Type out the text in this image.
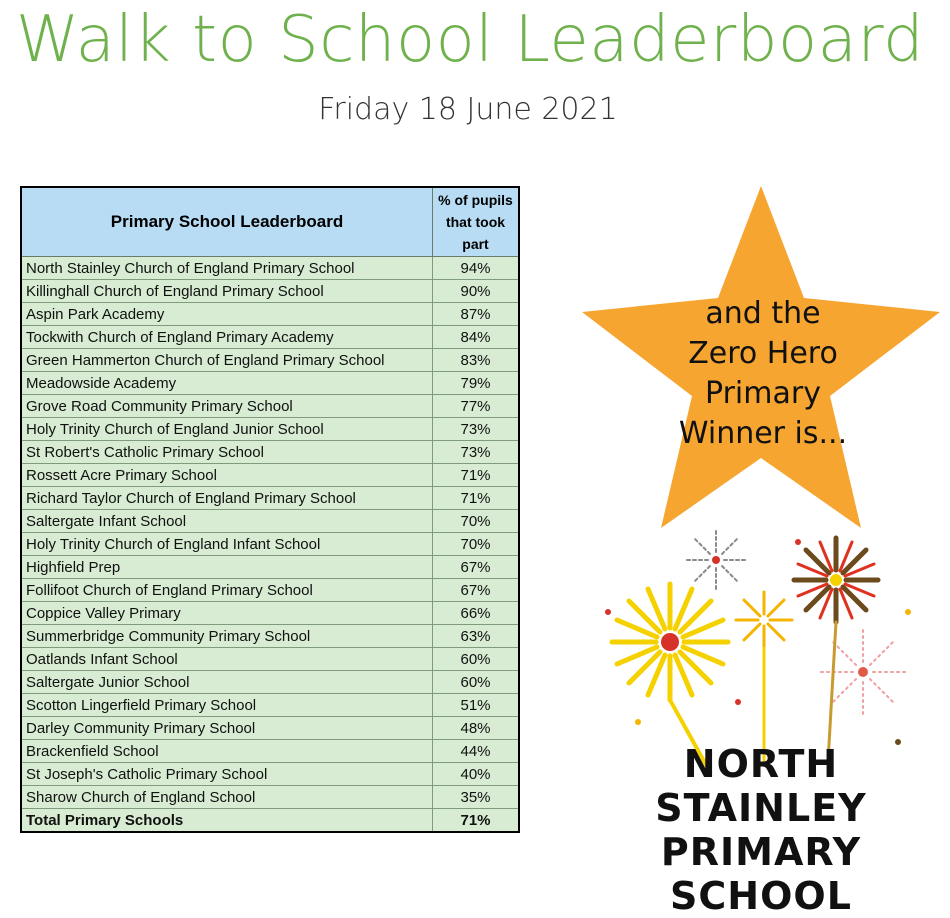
Walk to School Leaderboard
Friday 18 June 2021
Primary School Leaderboard	% of pupils that took part
North Stainley Church of England Primary School	94%
Killinghall Church of England Primary School	90%
Aspin Park Academy	87%
Tockwith Church of England Primary Academy	84%
Green Hammerton Church of England Primary School	83%
Meadowside Academy	79%
Grove Road Community Primary School	77%
Holy Trinity Church of England Junior School	73%
St Robert's Catholic Primary School	73%
Rossett Acre Primary School	71%
Richard Taylor Church of England Primary School	71%
Saltergate Infant School	70%
Holy Trinity Church of England Infant School	70%
Highfield Prep	67%
Follifoot Church of England Primary School	67%
Coppice Valley Primary	66%
Summerbridge Community Primary School	63%
Oatlands Infant School	60%
Saltergate Junior School	60%
Scotton Lingerfield Primary School	51%
Darley Community Primary School	48%
Brackenfield School	44%
St Joseph's Catholic Primary School	40%
Sharow Church of England School	35%
Total Primary Schools	71%
and the
Zero Hero
Primary
Winner is...
NORTH STAINLEY
PRIMARY SCHOOL
